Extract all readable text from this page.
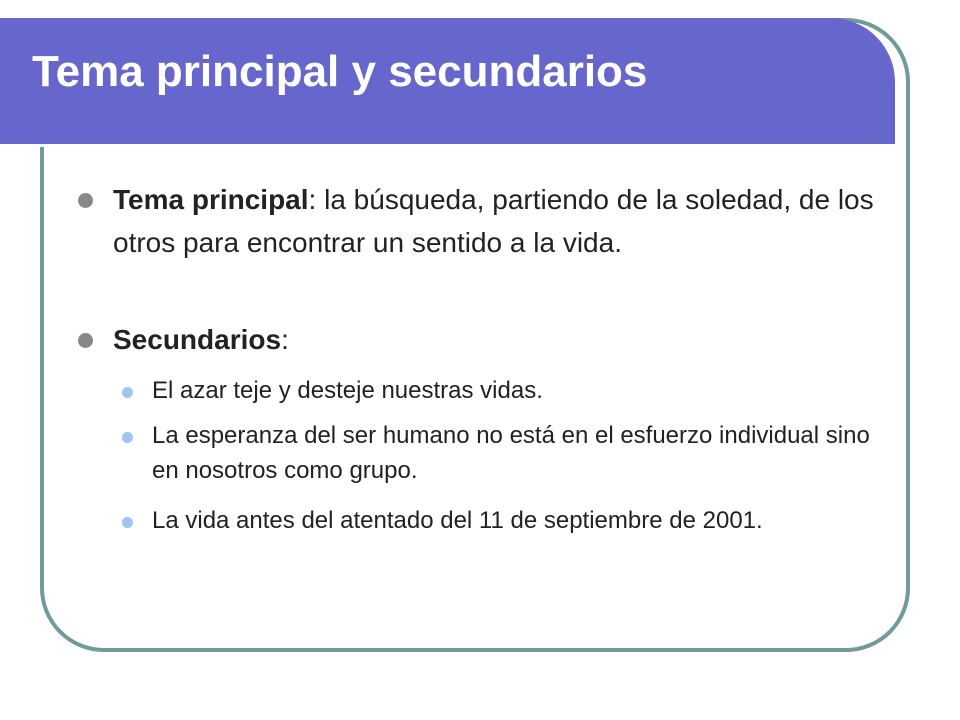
Tema principal y secundarios
Tema principal: la búsqueda, partiendo de la soledad, de los otros para encontrar un sentido a la vida.
Secundarios:
El azar teje y desteje nuestras vidas.
La esperanza del ser humano no está en el esfuerzo individual sino en nosotros como grupo.
La vida antes del atentado del 11 de septiembre de 2001.
